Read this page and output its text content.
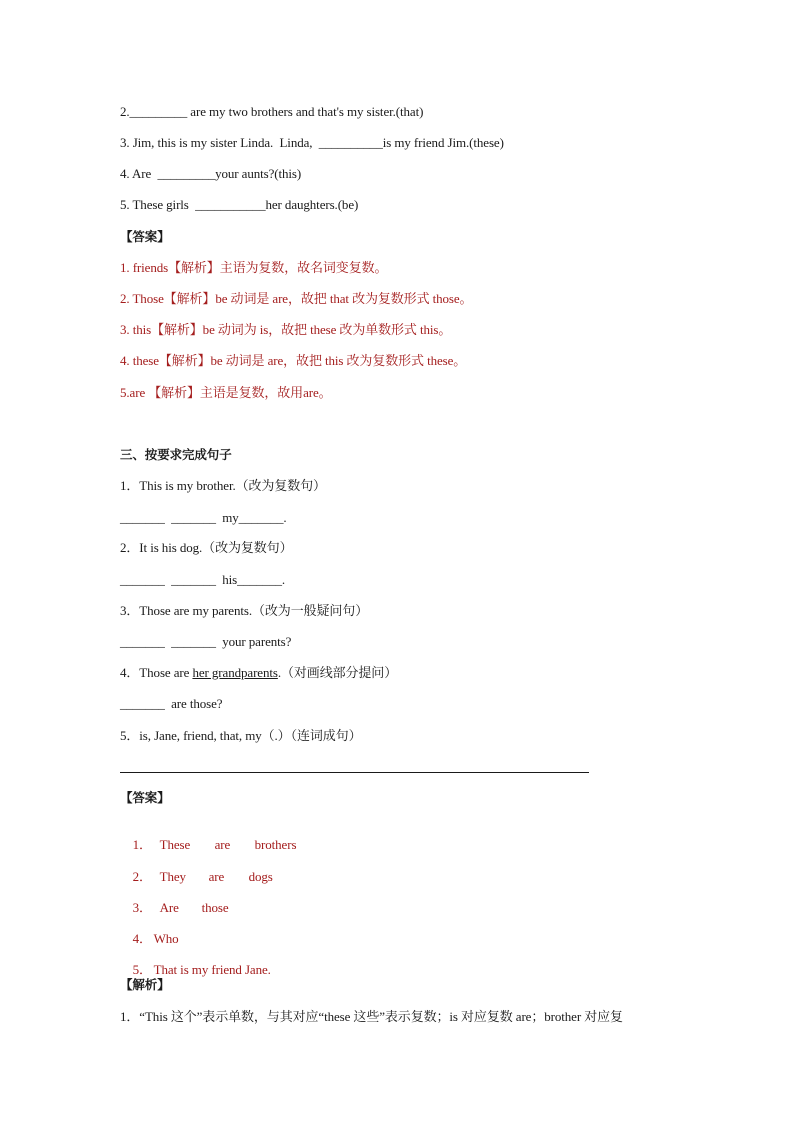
2._________ are my two brothers and that's my sister.(that)
3. Jim, this is my sister Linda.  Linda,  __________is my friend Jim.(these)
4. Are  _________your aunts?(this)
5. These girls  ___________her daughters.(be)
【答案】
1. friends【解析】主语为复数，故名词变复数。
2. Those【解析】be 动词是 are，故把 that 改为复数形式 those。
3. this【解析】be 动词为 is，故把 these 改为单数形式 this。
4. these【解析】be 动词是 are，故把 this 改为复数形式 these。
5.are 【解析】主语是复数，故用are。
三、按要求完成句子
1．This is my brother.（改为复数句）
_______  _______  my_______.
2．It is his dog.（改为复数句）
_______  _______  his_______.
3．Those are my parents.（改为一般疑问句）
_______  _______  your parents?
4．Those are her grandparents.（对画线部分提问）
_______  are those?
5．is, Jane, friend, that, my（.）（连词成句）
【答案】

1． These are brothers

2． They are dogs

3． Are those

4． Who

5． That is my friend Jane.

【解析】
1．“This 这个”表示单数，与其对应“these 这些”表示复数；is 对应复数 are；brother 对应复
